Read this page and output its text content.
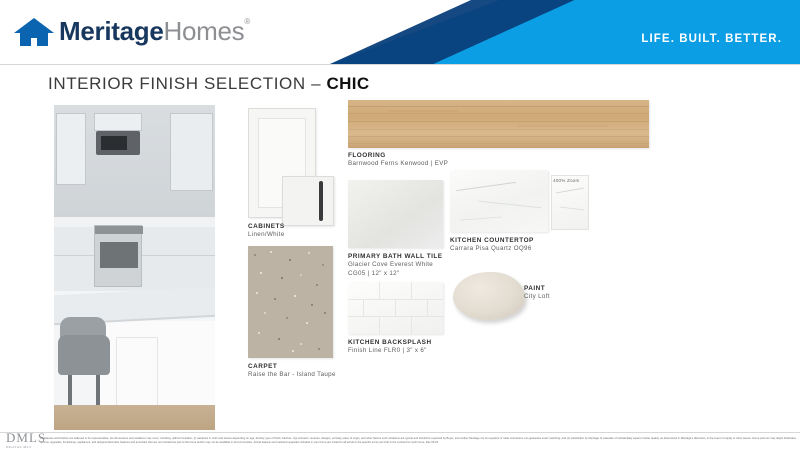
MeritageHomes®
LIFE. BUILT. BETTER.
INTERIOR FINISH SELECTION – CHIC
CABINETS
Linen/White
FLOORING
Barnwood Ferns Kenwood | EVP
PRIMARY BATH WALL TILE
Glacier Cove Everest White
CG05 | 12" x 12"
400% Zoom
KITCHEN COUNTERTOP
Carrara Pisa Quartz OQ96
CARPET
Raise the Bar - Island Taupe
KITCHEN BACKSPLASH
Finish Line FLR0 | 3" x 6"
PAINT
City Loft
All features and finishes are believed to be representative, but dimensions and variations may occur, including, without limitation, (i) variations in color and texture depending on age, density, type of finish, batches, dye inclusion, textures, designs, porosity, place of origin, and other factors such variations are typical and should be expected by Buyer, and neither Meritage nor its suppliers or trade contractors can guarantee exact matching; and (ii) substitution by Meritage of materials of substantially equal or better quality, as determined in Meritage's discretion, in the event of supply or other issues. Home pictures may depict illustrative options, upgrades, furnishings, appliances, and designer/decorator features and amenities that are not included as part of the home and/or may not be available in all communities. Actual features and selected upgrades included in your home are limited to all words to the specific terms set forth in the contract for such home. Rev 01/23
DMLS
DIGITAL MLS
